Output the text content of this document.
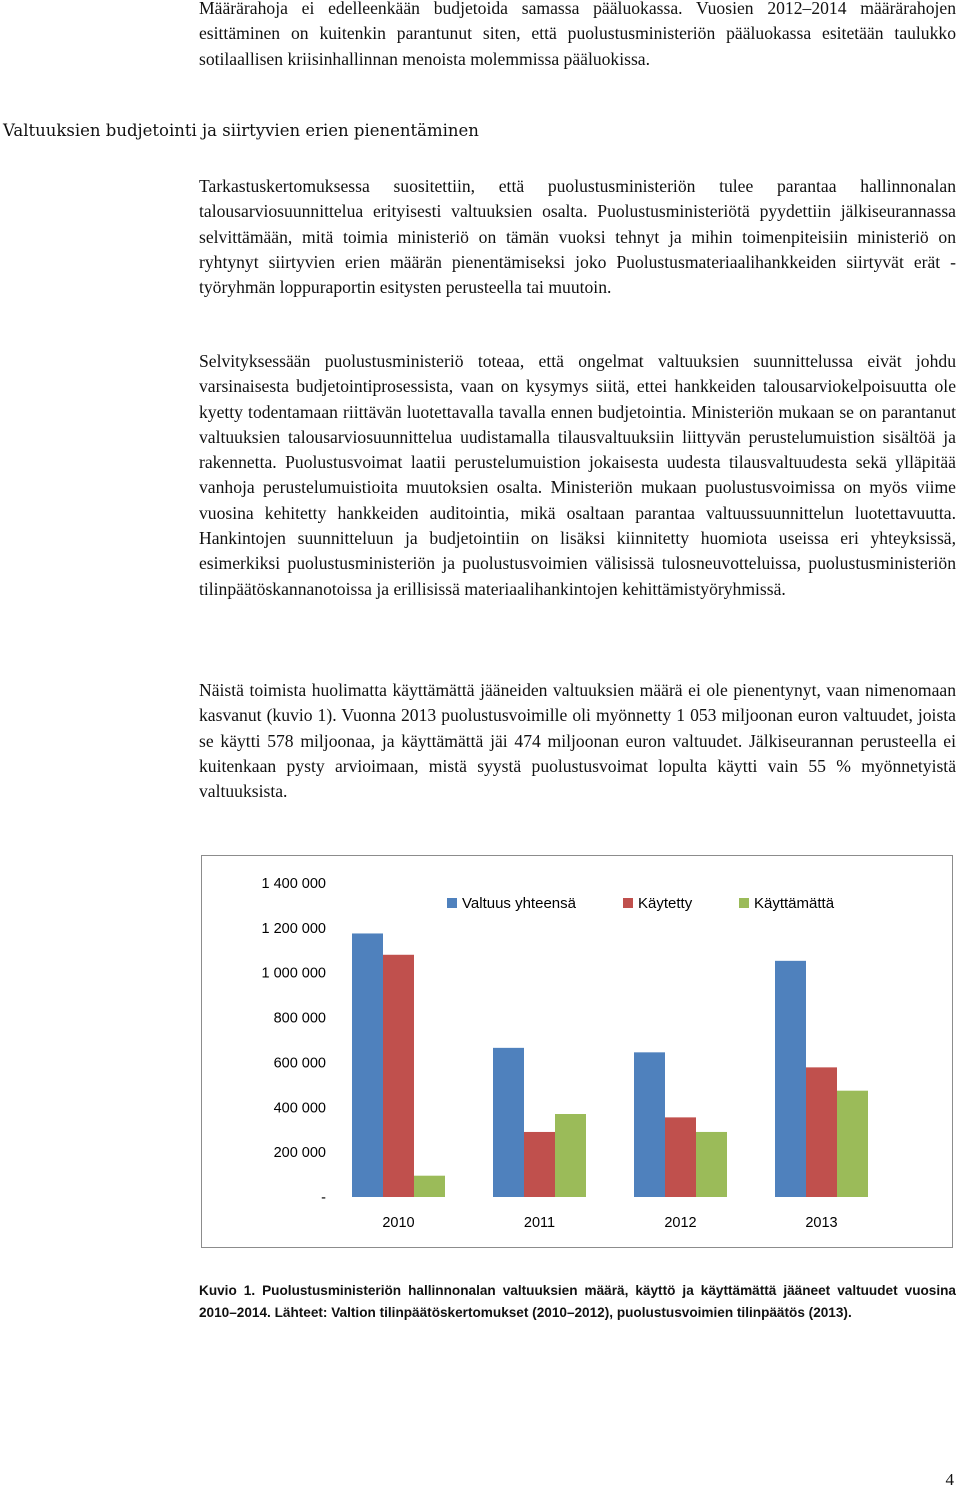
Määrärahoja ei edelleenkään budjetoida samassa pääluokassa. Vuosien 2012–2014 määrärahojen esittäminen on kuitenkin parantunut siten, että puolustusministeriön pääluokassa esitetään taulukko sotilaallisen kriisinhallinnan menoista molemmissa pääluokissa.

Valtuuksien budjetointi ja siirtyvien erien pienentäminen

Tarkastuskertomuksessa suositettiin, että puolustusministeriön tulee parantaa hallinnonalan talousarviosuunnittelua erityisesti valtuuksien osalta. Puolustusministeriötä pyydettiin jälkiseurannassa selvittämään, mitä toimia ministeriö on tämän vuoksi tehnyt ja mihin toimenpiteisiin ministeriö on ryhtynyt siirtyvien erien määrän pienentämiseksi joko Puolustusmateriaalihankkeiden siirtyvät erät -työryhmän loppuraportin esitysten perusteella tai muutoin.

Selvityksessään puolustusministeriö toteaa, että ongelmat valtuuksien suunnittelussa eivät johdu varsinaisesta budjetointiprosessista, vaan on kysymys siitä, ettei hankkeiden talousarviokelpoisuutta ole kyetty todentamaan riittävän luotettavalla tavalla ennen budjetointia. Ministeriön mukaan se on parantanut valtuuksien talousarviosuunnittelua uudistamalla tilausvaltuuksiin liittyvän perustelumuistion sisältöä ja rakennetta. Puolustusvoimat laatii perustelumuistion jokaisesta uudesta tilausvaltuudesta sekä ylläpitää vanhoja perustelumuistioita muutoksien osalta. Ministeriön mukaan puolustusvoimissa on myös viime vuosina kehitetty hankkeiden auditointia, mikä osaltaan parantaa valtuussuunnittelun luotettavuutta. Hankintojen suunnitteluun ja budjetointiin on lisäksi kiinnitetty huomiota useissa eri yhteyksissä, esimerkiksi puolustusministeriön ja puolustusvoimien välisissä tulosneuvotteluissa, puolustusministeriön tilinpäätöskannanotoissa ja erillisissä materiaalihankintojen kehittämistyöryhmissä.

Näistä toimista huolimatta käyttämättä jääneiden valtuuksien määrä ei ole pienentynyt, vaan nimenomaan kasvanut (kuvio 1). Vuonna 2013 puolustusvoimille oli myönnetty 1 053 miljoonan euron valtuudet, joista se käytti 578 miljoonaa, ja käyttämättä jäi 474 miljoonan euron valtuudet. Jälkiseurannan perusteella ei kuitenkaan pysty arvioimaan, mistä syystä puolustusvoimat lopulta käytti vain 55 % myönnetyistä valtuuksista.

-
200 000
400 000
600 000
800 000
1 000 000
1 200 000
1 400 000
2010	2011	2012	2013
Valtuus yhteensä	Käytetty	Käyttämättä

Kuvio 1. Puolustusministeriön hallinnonalan valtuuksien määrä, käyttö ja käyttämättä jääneet valtuudet vuosina 2010–2014. Lähteet: Valtion tilinpäätöskertomukset (2010–2012), puolustusvoimien tilinpäätös (2013).

4
